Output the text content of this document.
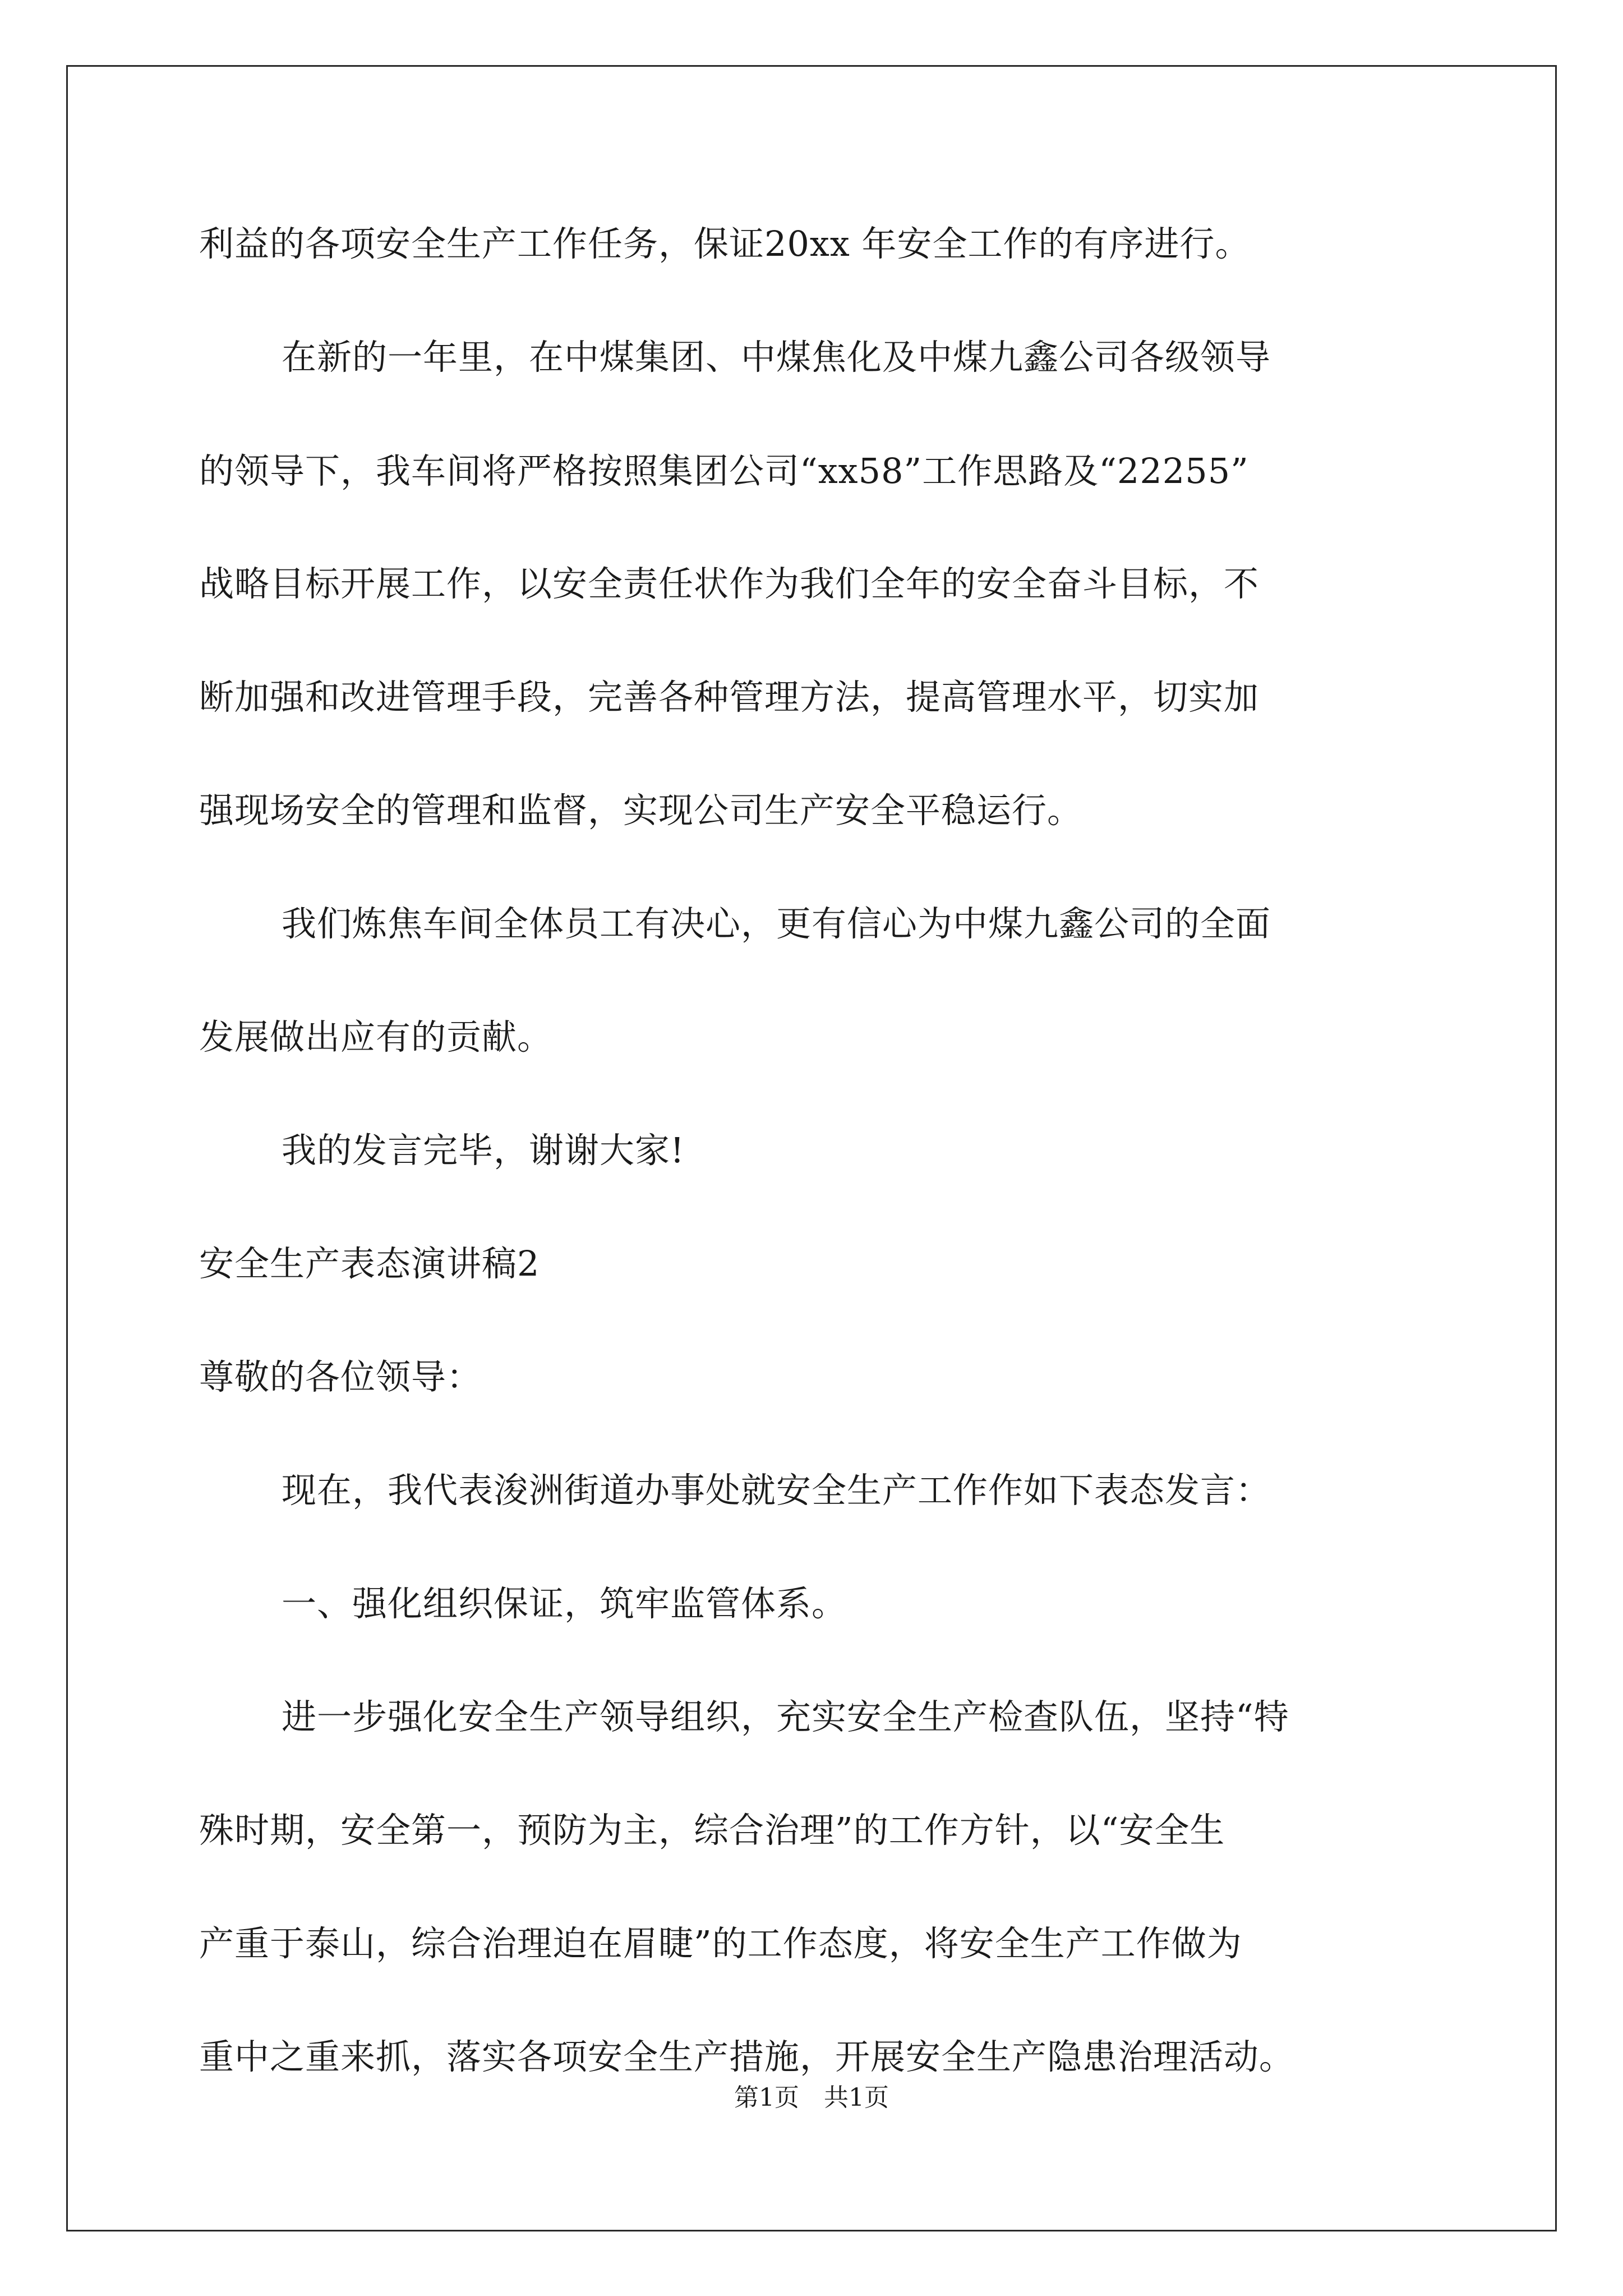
利益的各项安全生产工作任务，保证20xx 年安全工作的有序进行。
在新的一年里，在中煤集团、中煤焦化及中煤九鑫公司各级领导
的领导下，我车间将严格按照集团公司“xx58”工作思路及“22255”
战略目标开展工作，以安全责任状作为我们全年的安全奋斗目标，不
断加强和改进管理手段，完善各种管理方法，提高管理水平，切实加
强现场安全的管理和监督，实现公司生产安全平稳运行。
我们炼焦车间全体员工有决心，更有信心为中煤九鑫公司的全面
发展做出应有的贡献。
我的发言完毕，谢谢大家!
安全生产表态演讲稿2
尊敬的各位领导：
现在，我代表浚洲街道办事处就安全生产工作作如下表态发言：
一、强化组织保证，筑牢监管体系。
进一步强化安全生产领导组织，充实安全生产检查队伍，坚持“特
殊时期，安全第一，预防为主，综合治理”的工作方针，以“安全生
产重于泰山，综合治理迫在眉睫”的工作态度，将安全生产工作做为
重中之重来抓，落实各项安全生产措施，开展安全生产隐患治理活动。
第1页 共1页
